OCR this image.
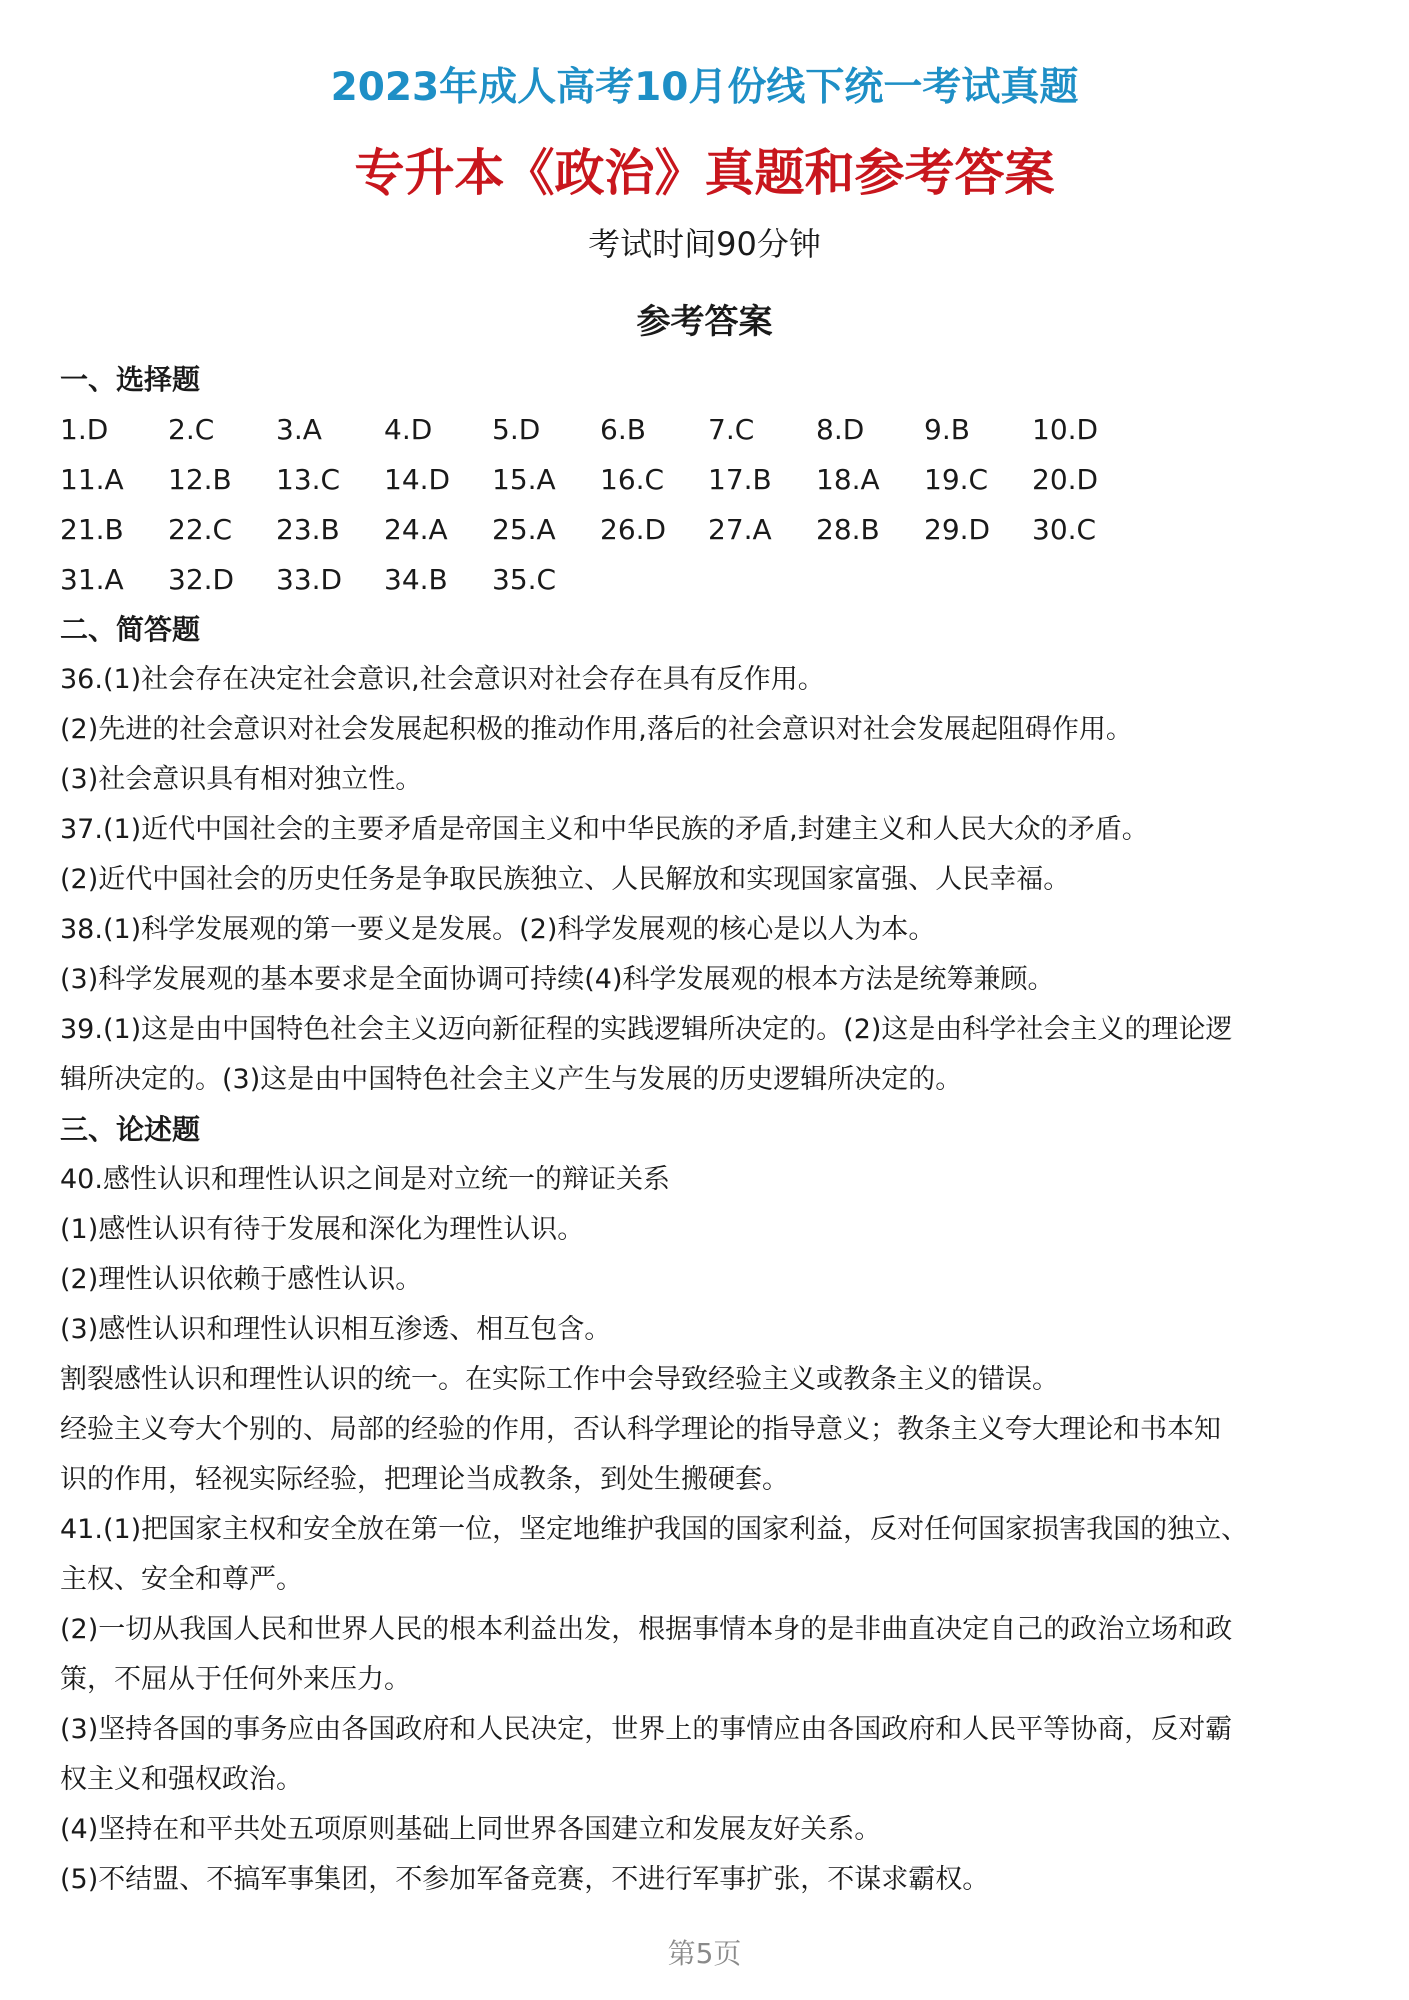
2023年成人高考10月份线下统一考试真题
专升本《政治》真题和参考答案
考试时间90分钟
参考答案
一、选择题
1.D	2.C	3.A	4.D	5.D	6.B	7.C	8.D	9.B	10.D
11.A	12.B	13.C	14.D	15.A	16.C	17.B	18.A	19.C	20.D
21.B	22.C	23.B	24.A	25.A	26.D	27.A	28.B	29.D	30.C
31.A	32.D	33.D	34.B	35.C
二、简答题
36.(1)社会存在决定社会意识,社会意识对社会存在具有反作用。
(2)先进的社会意识对社会发展起积极的推动作用,落后的社会意识对社会发展起阻碍作用。
(3)社会意识具有相对独立性。
37.(1)近代中国社会的主要矛盾是帝国主义和中华民族的矛盾,封建主义和人民大众的矛盾。
(2)近代中国社会的历史任务是争取民族独立、人民解放和实现国家富强、人民幸福。
38.(1)科学发展观的第一要义是发展。(2)科学发展观的核心是以人为本。
(3)科学发展观的基本要求是全面协调可持续(4)科学发展观的根本方法是统筹兼顾。
39.(1)这是由中国特色社会主义迈向新征程的实践逻辑所决定的。(2)这是由科学社会主义的理论逻
辑所决定的。(3)这是由中国特色社会主义产生与发展的历史逻辑所决定的。
三、论述题
40.感性认识和理性认识之间是对立统一的辩证关系
(1)感性认识有待于发展和深化为理性认识。
(2)理性认识依赖于感性认识。
(3)感性认识和理性认识相互渗透、相互包含。
割裂感性认识和理性认识的统一。在实际工作中会导致经验主义或教条主义的错误。
经验主义夸大个别的、局部的经验的作用，否认科学理论的指导意义；教条主义夸大理论和书本知
识的作用，轻视实际经验，把理论当成教条，到处生搬硬套。
41.(1)把国家主权和安全放在第一位，坚定地维护我国的国家利益，反对任何国家损害我国的独立、
主权、安全和尊严。
(2)一切从我国人民和世界人民的根本利益出发，根据事情本身的是非曲直决定自己的政治立场和政
策，不屈从于任何外来压力。
(3)坚持各国的事务应由各国政府和人民决定，世界上的事情应由各国政府和人民平等协商，反对霸
权主义和强权政治。
(4)坚持在和平共处五项原则基础上同世界各国建立和发展友好关系。
(5)不结盟、不搞军事集团，不参加军备竞赛，不进行军事扩张，不谋求霸权。
第5页
